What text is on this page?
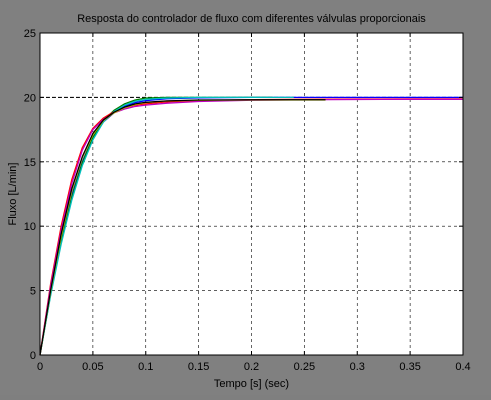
0	0.05	0.1	0.15	0.2	0.25	0.3	0.35	0.4
0
5
10
15
20
25
Resposta do controlador de fluxo com diferentes válvulas proporcionais
Tempo [s] (sec)
Fluxo [L/min]
